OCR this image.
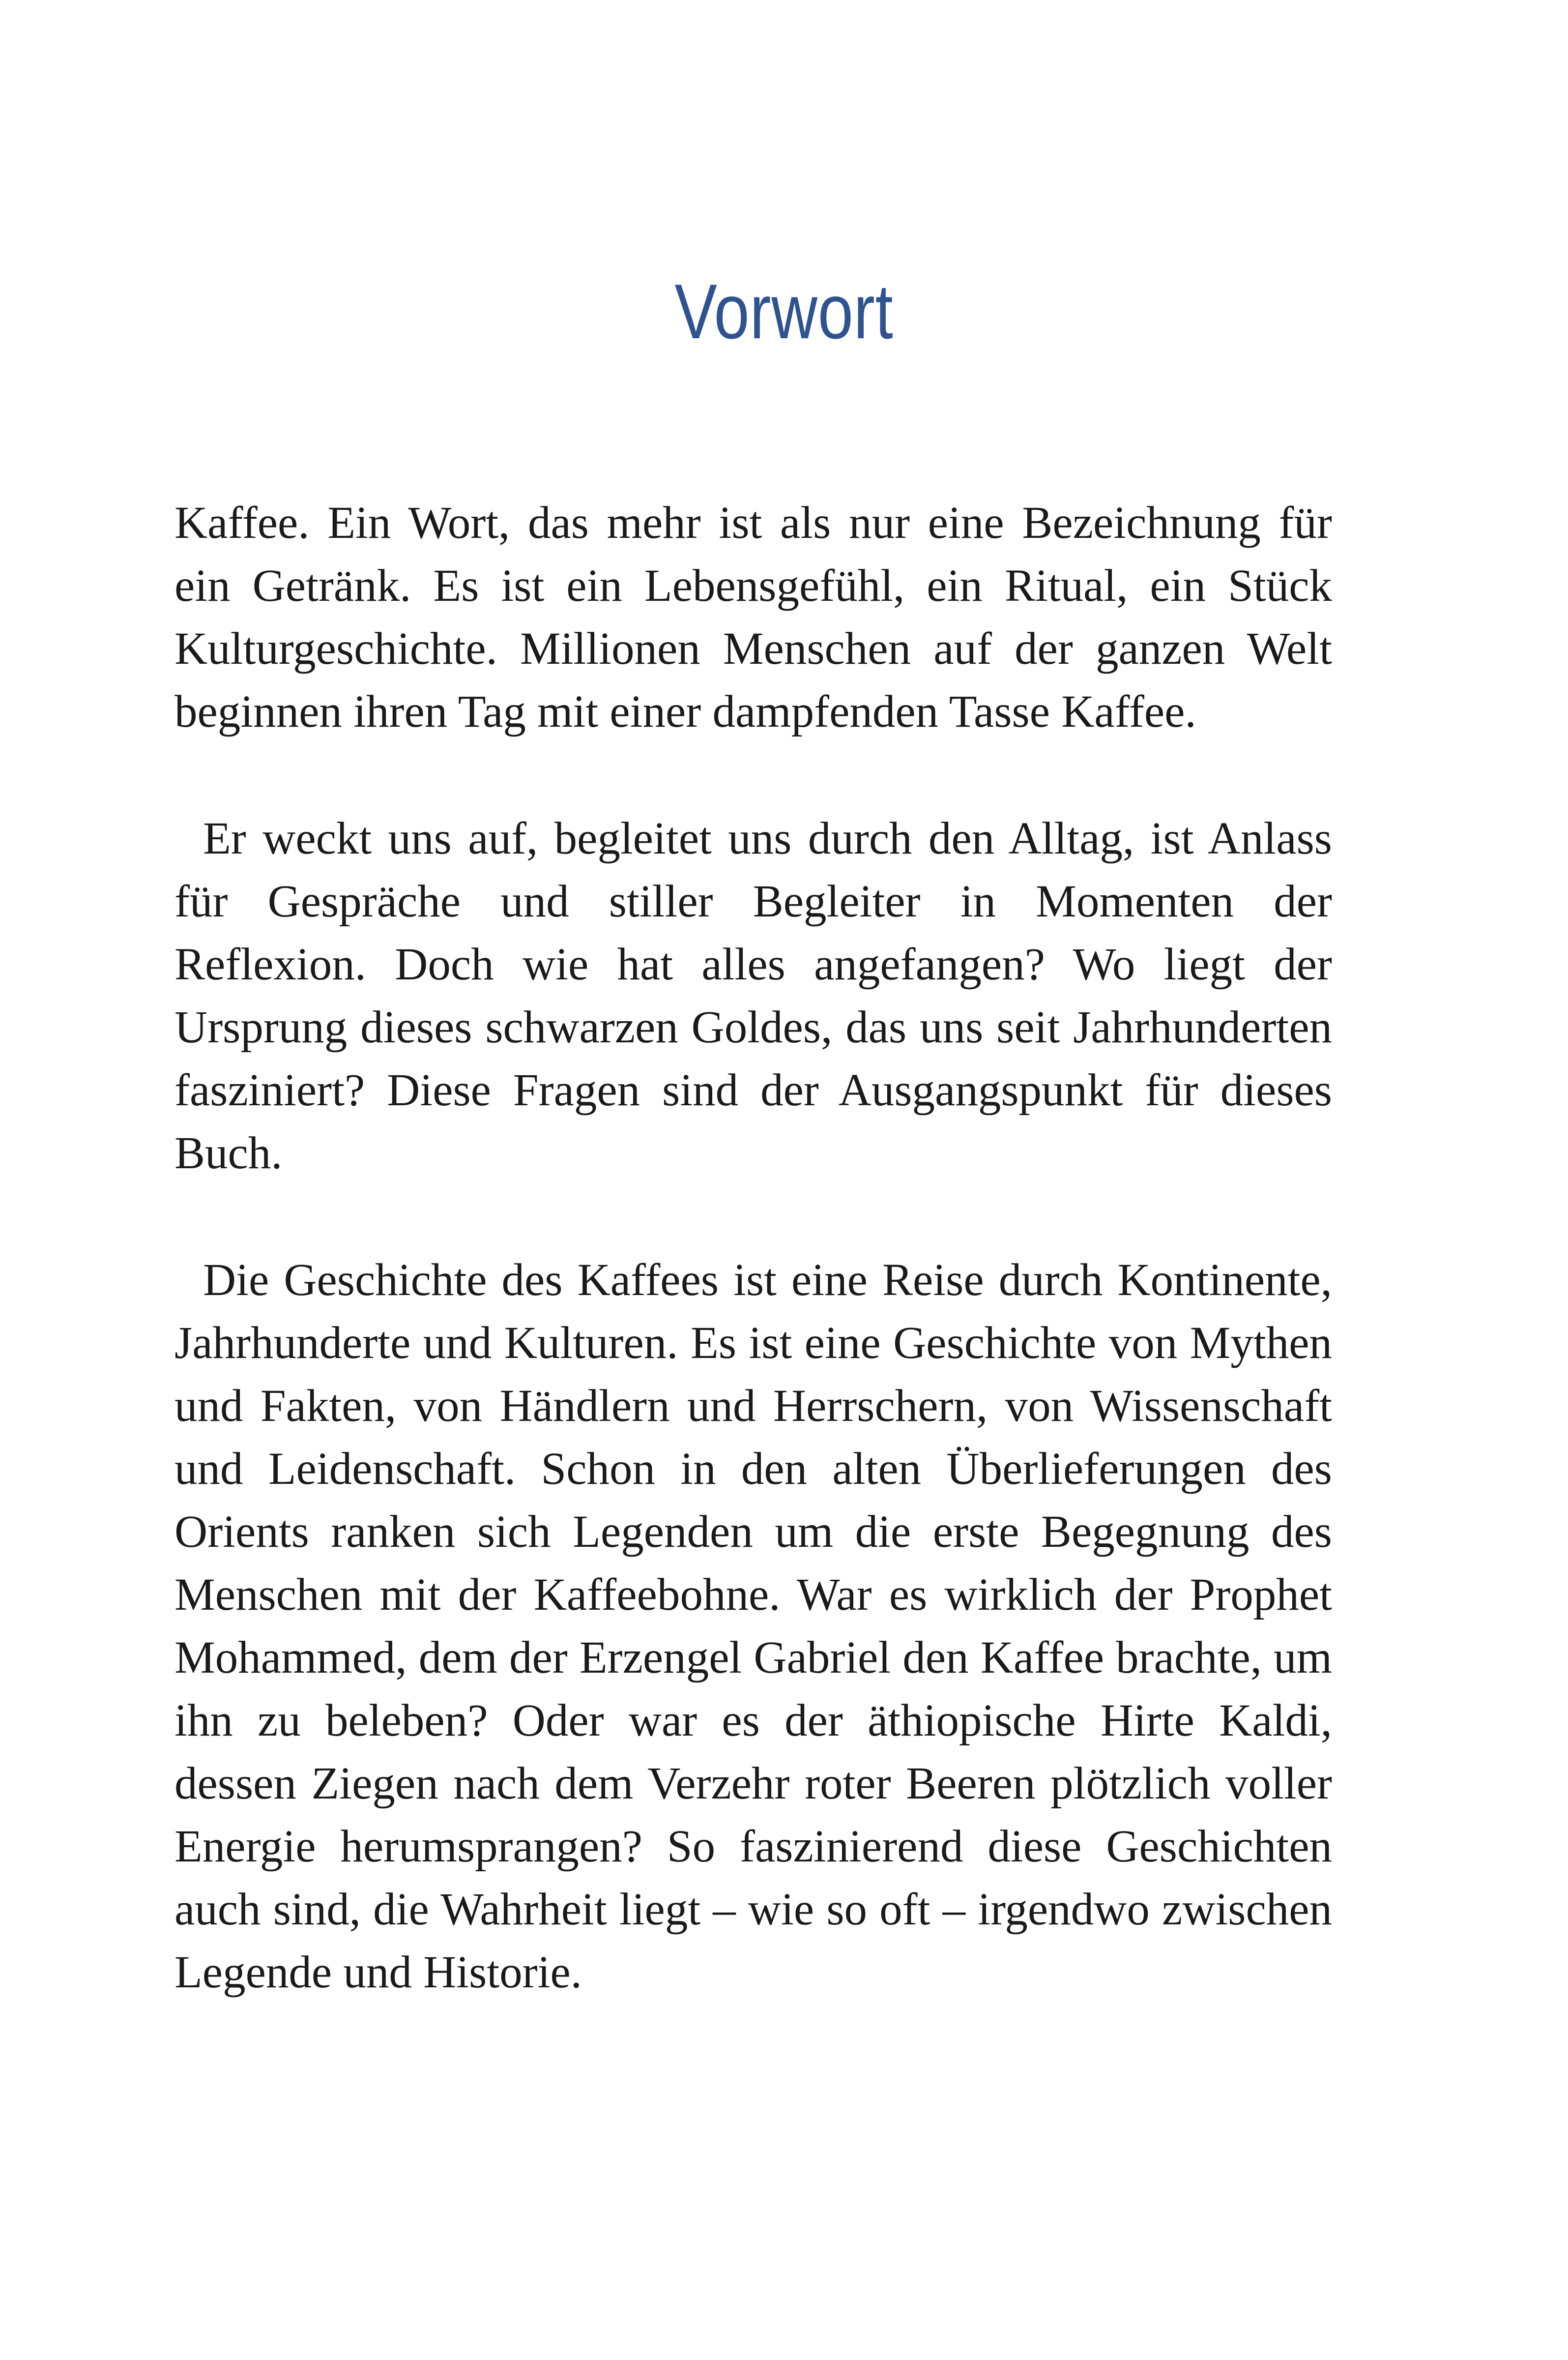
Vorwort

Kaffee. Ein Wort, das mehr ist als nur eine Bezeichnung für ein Getränk. Es ist ein Lebensgefühl, ein Ritual, ein Stück Kulturgeschichte. Millionen Menschen auf der ganzen Welt beginnen ihren Tag mit einer dampfenden Tasse Kaffee.

Er weckt uns auf, begleitet uns durch den Alltag, ist Anlass für Gespräche und stiller Begleiter in Momenten der Reflexion. Doch wie hat alles angefangen? Wo liegt der Ursprung dieses schwarzen Goldes, das uns seit Jahrhunderten fasziniert? Diese Fragen sind der Ausgangspunkt für dieses Buch.

Die Geschichte des Kaffees ist eine Reise durch Kontinente, Jahrhunderte und Kulturen. Es ist eine Geschichte von Mythen und Fakten, von Händlern und Herrschern, von Wissenschaft und Leidenschaft. Schon in den alten Überlieferungen des Orients ranken sich Legenden um die erste Begegnung des Menschen mit der Kaffeebohne. War es wirklich der Prophet Mohammed, dem der Erzengel Gabriel den Kaffee brachte, um ihn zu beleben? Oder war es der äthiopische Hirte Kaldi, dessen Ziegen nach dem Verzehr roter Beeren plötzlich voller Energie herumsprangen? So faszinierend diese Geschichten auch sind, die Wahrheit liegt – wie so oft – irgendwo zwischen Legende und Historie.
